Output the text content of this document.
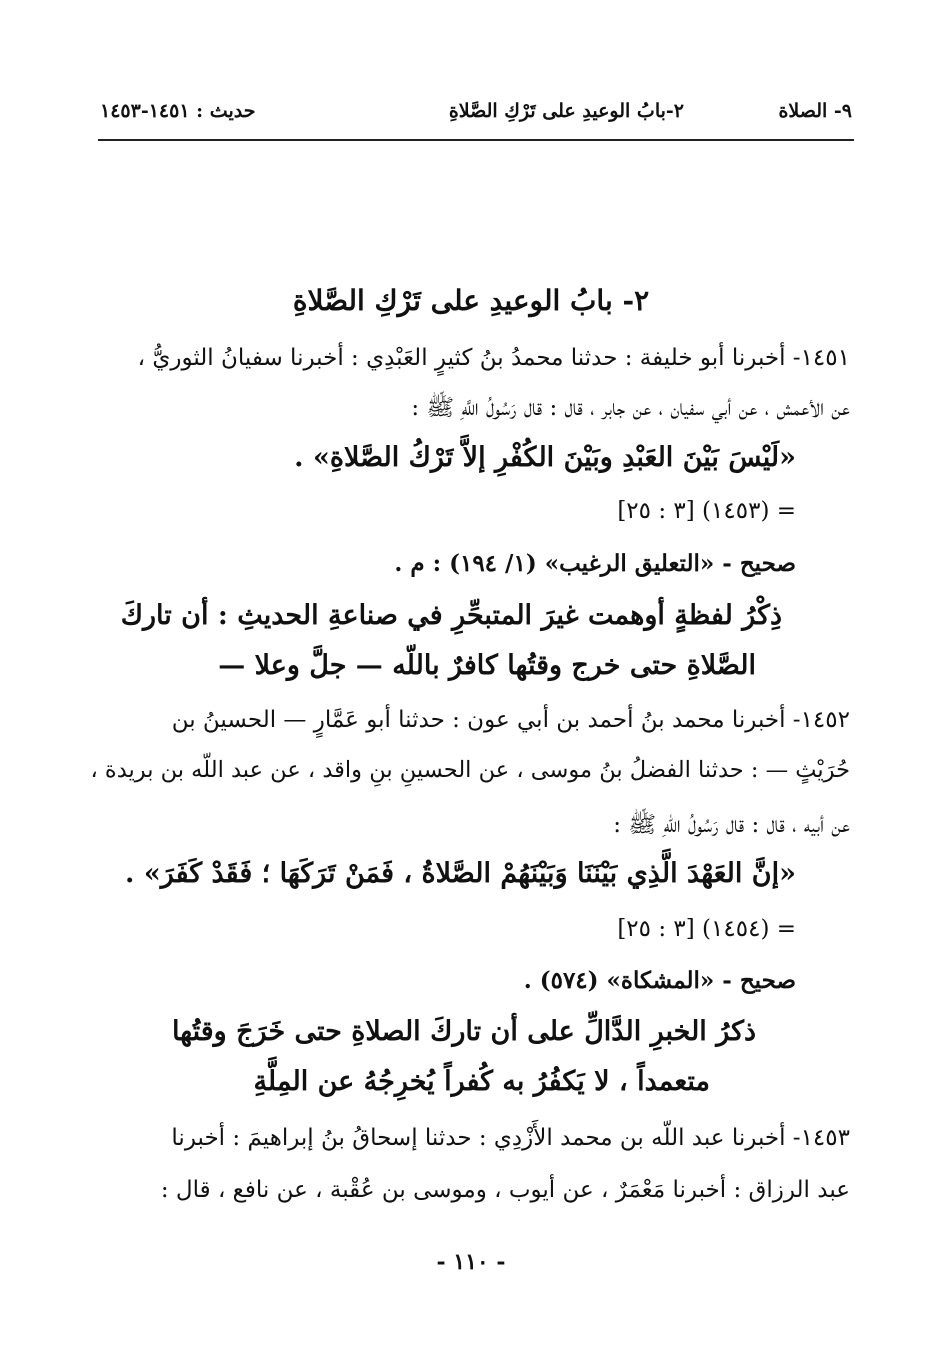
٩- الصلاة
٢-بابُ الوعيدِ على تَرْكِ الصَّلاةِ
حديث : ١٤٥١-١٤٥٣
٢- بابُ الوعيدِ على تَرْكِ الصَّلاةِ
١٤٥١- أخبرنا أبو خليفة : حدثنا محمدُ بنُ كثيرٍ العَبْدِي : أخبرنا سفيانُ الثوريُّ ،
عن الأعمش ، عن أبي سفيان ، عن جابر ، قال : قال رَسُولُ اللَّهِ ﷺ :
«لَيْسَ بَيْنَ العَبْدِ وبَيْنَ الكُفْرِ إلاَّ تَرْكُ الصَّلاةِ» .
= (١٤٥٣) [٣ : ٢٥]
صحيح - «التعليق الرغيب» (١/ ١٩٤) : م .
ذِكْرُ لفظةٍ أوهمت غيرَ المتبحِّرِ في صناعةِ الحديثِ : أن تاركَ
الصَّلاةِ حتى خرج وقتُها كافرٌ باللّه — جلَّ وعلا —
١٤٥٢- أخبرنا محمد بنُ أحمد بن أبي عون : حدثنا أبو عَمَّارٍ — الحسينُ بن
حُرَيْثٍ — : حدثنا الفضلُ بنُ موسى ، عن الحسينِ بنِ واقد ، عن عبد اللّه بن بريدة ،
عن أبيه ، قال : قال رَسُولُ اللّهِ ﷺ :
«إنَّ العَهْدَ الَّذِي بَيْنَنَا وَبَيْنَهُمْ الصَّلاةُ ، فَمَنْ تَرَكَهَا ؛ فَقَدْ كَفَرَ» .
= (١٤٥٤) [٣ : ٢٥]
صحيح - «المشكاة» (٥٧٤) .
ذكرُ الخبرِ الدَّالِّ على أن تاركَ الصلاةِ حتى خَرَجَ وقتُها
متعمداً ، لا يَكفُرُ به كُفراً يُخرِجُهُ عن المِلَّةِ
١٤٥٣- أخبرنا عبد اللّه بن محمد الأَزْدِي : حدثنا إسحاقُ بنُ إبراهيمَ : أخبرنا
عبد الرزاق : أخبرنا مَعْمَرٌ ، عن أيوب ، وموسى بن عُقْبة ، عن نافع ، قال :
- ١١٠ -
